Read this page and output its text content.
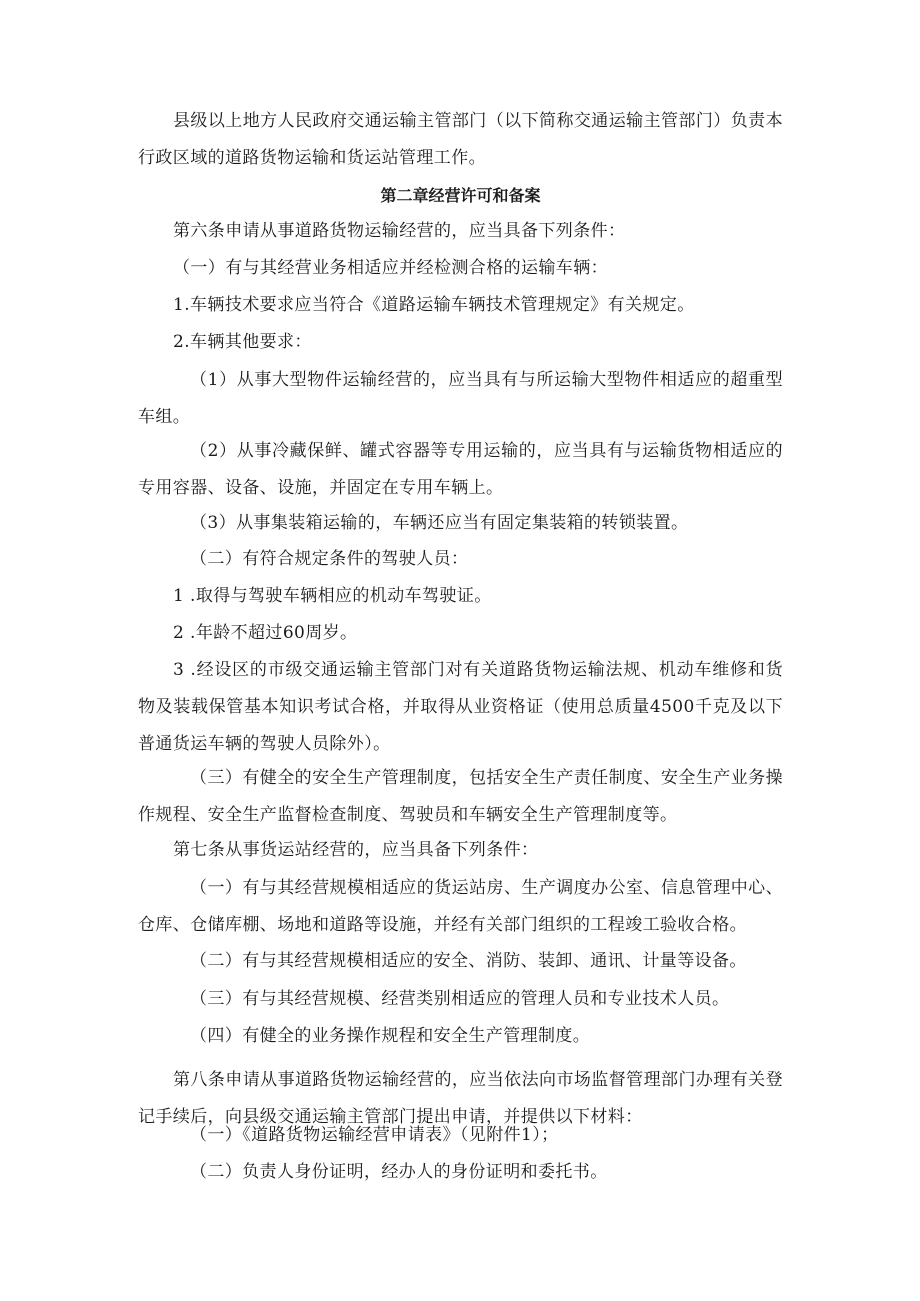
县级以上地方人民政府交通运输主管部门（以下简称交通运输主管部门）负责本行政区域的道路货物运输和货运站管理工作。
第二章经营许可和备案
第六条申请从事道路货物运输经营的，应当具备下列条件：
（一）有与其经营业务相适应并经检测合格的运输车辆：
1.车辆技术要求应当符合《道路运输车辆技术管理规定》有关规定。
2.车辆其他要求：
（1）从事大型物件运输经营的，应当具有与所运输大型物件相适应的超重型车组。
（2）从事冷藏保鲜、罐式容器等专用运输的，应当具有与运输货物相适应的专用容器、设备、设施，并固定在专用车辆上。
（3）从事集装箱运输的，车辆还应当有固定集装箱的转锁装置。
（二）有符合规定条件的驾驶人员：
1 .取得与驾驶车辆相应的机动车驾驶证。
2 .年龄不超过60周岁。
3 .经设区的市级交通运输主管部门对有关道路货物运输法规、机动车维修和货物及装载保管基本知识考试合格，并取得从业资格证（使用总质量4500千克及以下普通货运车辆的驾驶人员除外）。
（三）有健全的安全生产管理制度，包括安全生产责任制度、安全生产业务操作规程、安全生产监督检查制度、驾驶员和车辆安全生产管理制度等。
第七条从事货运站经营的，应当具备下列条件：
（一）有与其经营规模相适应的货运站房、生产调度办公室、信息管理中心、仓库、仓储库棚、场地和道路等设施，并经有关部门组织的工程竣工验收合格。
（二）有与其经营规模相适应的安全、消防、装卸、通讯、计量等设备。
（三）有与其经营规模、经营类别相适应的管理人员和专业技术人员。
（四）有健全的业务操作规程和安全生产管理制度。
第八条申请从事道路货物运输经营的，应当依法向市场监督管理部门办理有关登记手续后，向县级交通运输主管部门提出申请，并提供以下材料：
（一）《道路货物运输经营申请表》（见附件1）；
（二）负责人身份证明，经办人的身份证明和委托书。
